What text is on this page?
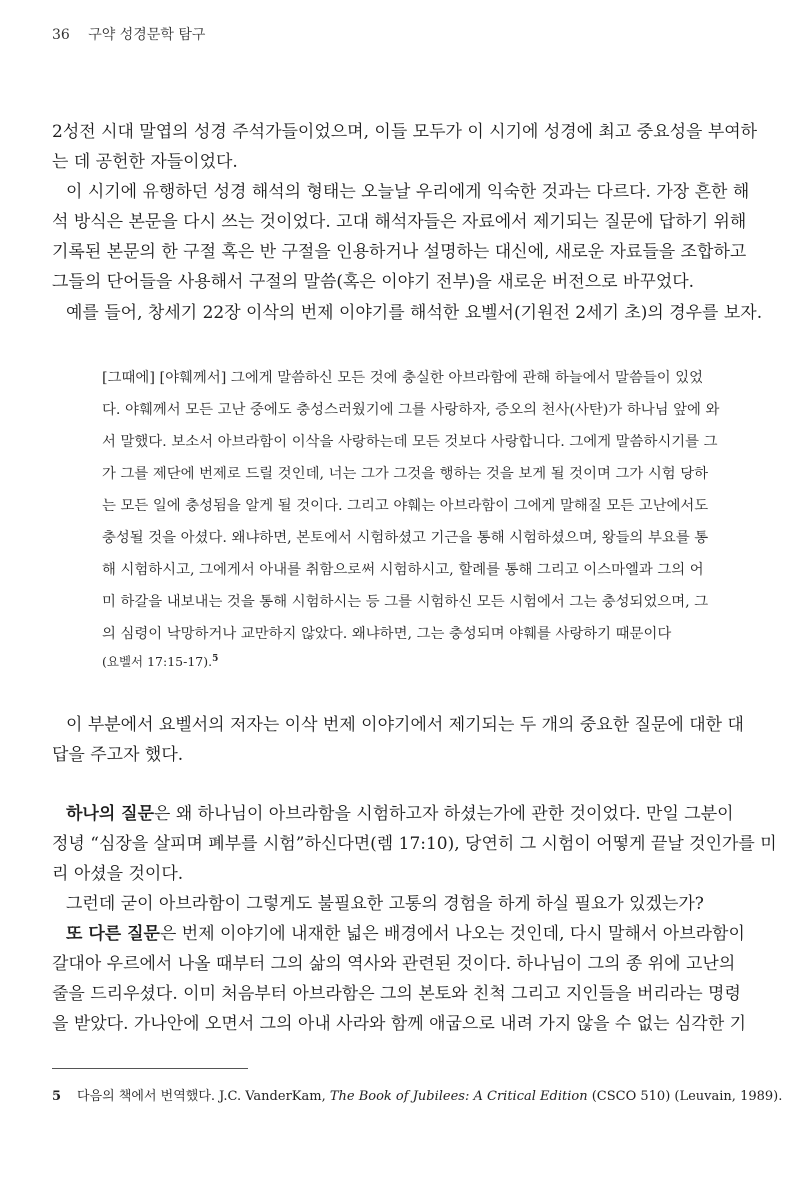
36 구약 성경문학 탐구
2성전 시대 말엽의 성경 주석가들이었으며, 이들 모두가 이 시기에 성경에 최고 중요성을 부여하
는 데 공헌한 자들이었다.
이 시기에 유행하던 성경 해석의 형태는 오늘날 우리에게 익숙한 것과는 다르다. 가장 흔한 해
석 방식은 본문을 다시 쓰는 것이었다. 고대 해석자들은 자료에서 제기되는 질문에 답하기 위해
기록된 본문의 한 구절 혹은 반 구절을 인용하거나 설명하는 대신에, 새로운 자료들을 조합하고
그들의 단어들을 사용해서 구절의 말씀(혹은 이야기 전부)을 새로운 버전으로 바꾸었다.
예를 들어, 창세기 22장 이삭의 번제 이야기를 해석한 요벨서(기원전 2세기 초)의 경우를 보자.
[그때에] [야훼께서] 그에게 말씀하신 모든 것에 충실한 아브라함에 관해 하늘에서 말씀들이 있었
다. 야훼께서 모든 고난 중에도 충성스러웠기에 그를 사랑하자, 증오의 천사(사탄)가 하나님 앞에 와
서 말했다. 보소서 아브라함이 이삭을 사랑하는데 모든 것보다 사랑합니다. 그에게 말씀하시기를 그
가 그를 제단에 번제로 드릴 것인데, 너는 그가 그것을 행하는 것을 보게 될 것이며 그가 시험 당하
는 모든 일에 충성됨을 알게 될 것이다. 그리고 야훼는 아브라함이 그에게 말해질 모든 고난에서도
충성될 것을 아셨다. 왜냐하면, 본토에서 시험하셨고 기근을 통해 시험하셨으며, 왕들의 부요를 통
해 시험하시고, 그에게서 아내를 취함으로써 시험하시고, 할례를 통해 그리고 이스마엘과 그의 어
미 하갈을 내보내는 것을 통해 시험하시는 등 그를 시험하신 모든 시험에서 그는 충성되었으며, 그
의 심령이 낙망하거나 교만하지 않았다. 왜냐하면, 그는 충성되며 야훼를 사랑하기 때문이다
(요벨서 17:15-17).$^5$
이 부분에서 요벨서의 저자는 이삭 번제 이야기에서 제기되는 두 개의 중요한 질문에 대한 대
답을 주고자 했다.
하나의 질문은 왜 하나님이 아브라함을 시험하고자 하셨는가에 관한 것이었다. 만일 그분이
정녕 “심장을 살피며 폐부를 시험”하신다면(렘 17:10), 당연히 그 시험이 어떻게 끝날 것인가를 미
리 아셨을 것이다.
그런데 굳이 아브라함이 그렇게도 불필요한 고통의 경험을 하게 하실 필요가 있겠는가?
또 다른 질문은 번제 이야기에 내재한 넓은 배경에서 나오는 것인데, 다시 말해서 아브라함이
갈대아 우르에서 나올 때부터 그의 삶의 역사와 관련된 것이다. 하나님이 그의 종 위에 고난의
줄을 드리우셨다. 이미 처음부터 아브라함은 그의 본토와 친척 그리고 지인들을 버리라는 명령
을 받았다. 가나안에 오면서 그의 아내 사라와 함께 애굽으로 내려 가지 않을 수 없는 심각한 기
5 다음의 책에서 번역했다. J.C. VanderKam, The Book of Jubilees: A Critical Edition (CSCO 510) (Leuvain, 1989).
